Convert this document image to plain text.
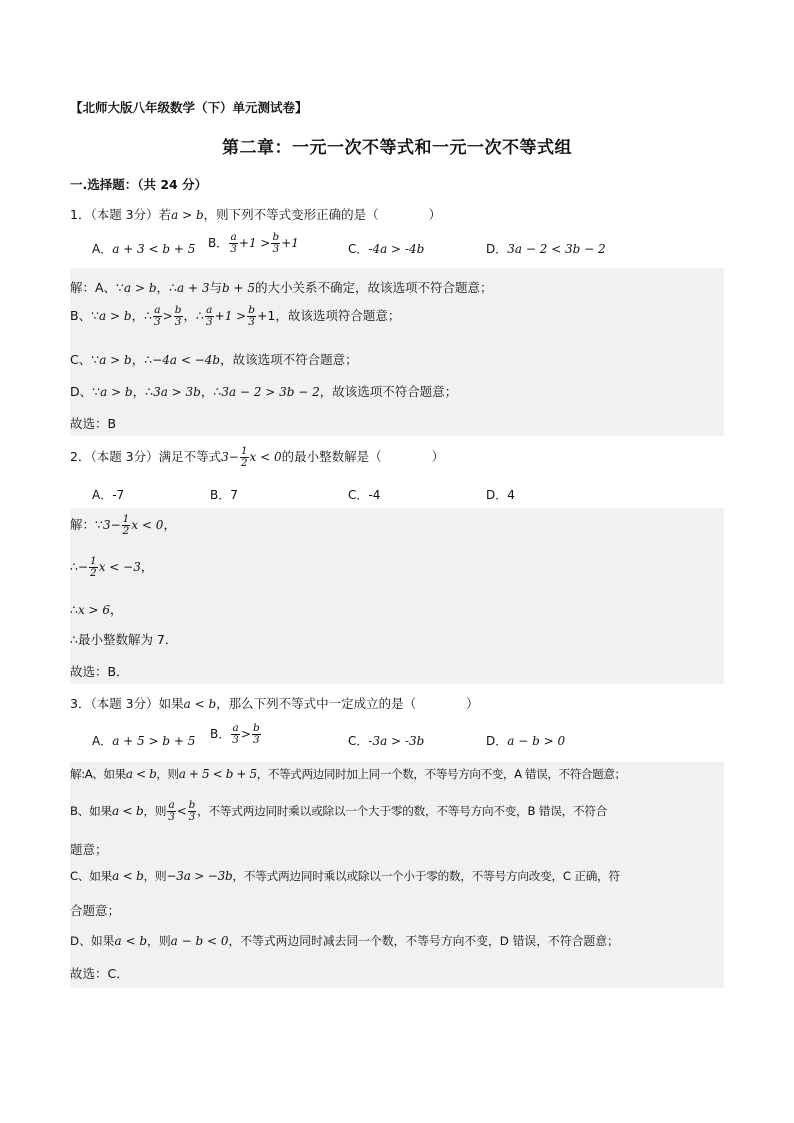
【北师大版八年级数学（下）单元测试卷】
第二章：一元一次不等式和一元一次不等式组
一.选择题：（共 24 分）
1．（本题 3分）若a > b，则下列不等式变形正确的是（　　　　）
A．a + 3 < b + 5 B． $\frac{a}{3} +1 > \frac{b}{3} +1$	C．-4a > -4b	D．3a − 2 < 3b − 2
解：A、∵a > b，∴a + 3与b + 5的大小关系不确定，故该选项不符合题意；
B、∵a > b，∴ $\frac{a}{3} > \frac{b}{3}$ ，∴ $\frac{a}{3} +1 > \frac{b}{3} +1$，故该选项符合题意；
C、∵a > b，∴−4a < −4b，故该选项不符合题意；
D、∵a > b，∴3a > 3b，∴3a − 2 > 3b − 2，故该选项不符合题意；
故选：B
2．（本题 3分）满足不等式$3- \frac{1}{2}$ x < 0的最小整数解是（　　　　）
A．-7	B．7	C．-4	D．4
解：∵3− $\frac{1}{2}$ x < 0，
∴− $\frac{1}{2}$ x < −3，
∴x > 6，
∴最小整数解为 7．
故选：B．
3．（本题 3分）如果a < b，那么下列不等式中一定成立的是（　　　　）
A．a + 5 > b + 5 B． $\frac{a}{3} > \frac{b}{3}$	C．-3a > -3b	D．a − b > 0
解:A、如果a < b，则a + 5 < b + 5，不等式两边同时加上同一个数，不等号方向不变，A 错误，不符合题意；
B、如果a < b，则 $\frac{a}{3} < \frac{b}{3}$ ，不等式两边同时乘以或除以一个大于零的数，不等号方向不变，B 错误，不符合
题意；
C、如果a < b，则−3a > −3b，不等式两边同时乘以或除以一个小于零的数，不等号方向改变，C 正确，符
合题意；
D、如果a < b，则a − b < 0，不等式两边同时减去同一个数，不等号方向不变，D 错误，不符合题意；
故选：C．
